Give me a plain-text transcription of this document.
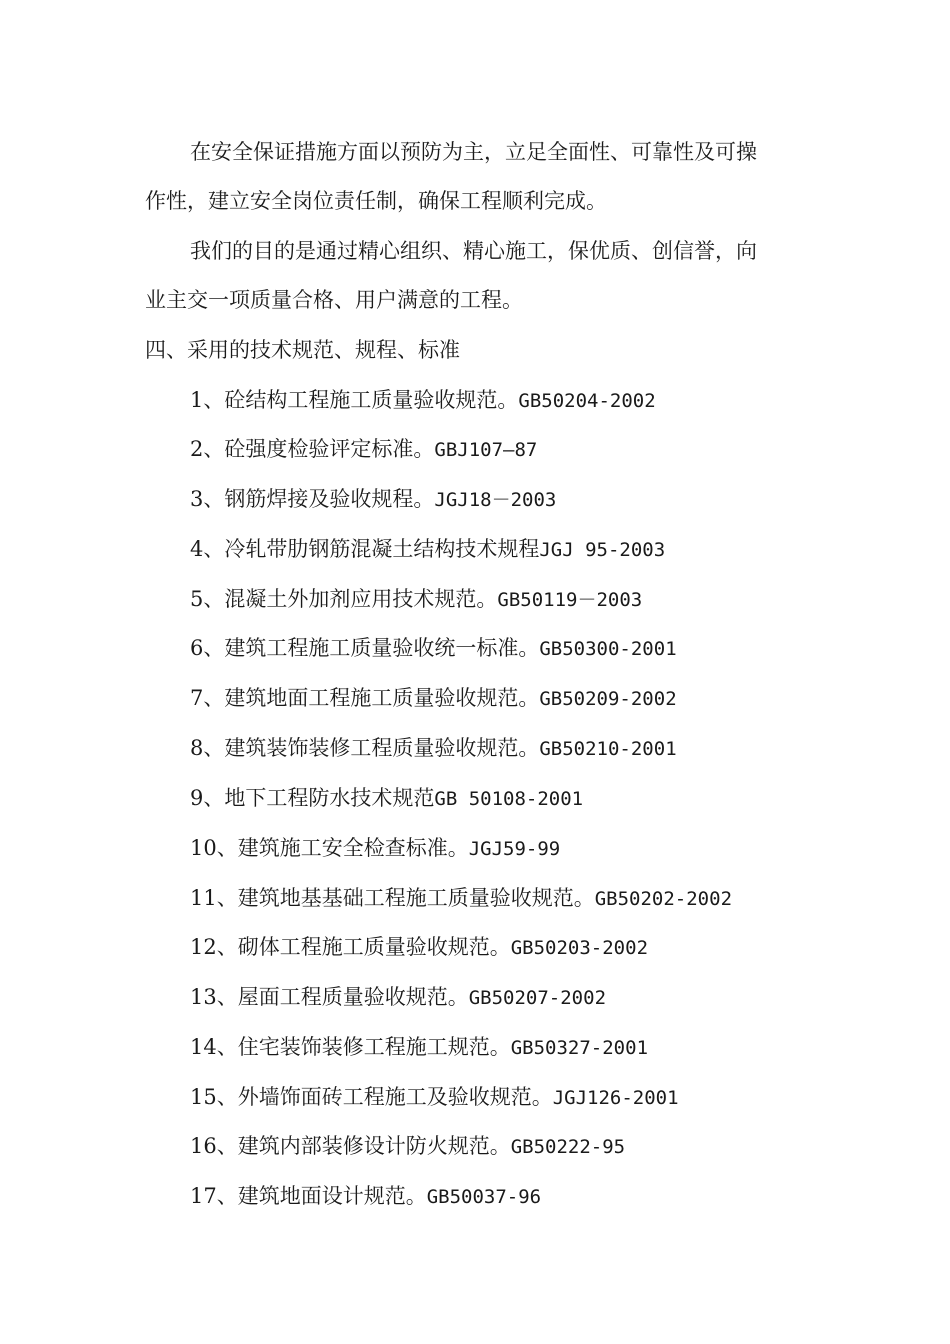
在安全保证措施方面以预防为主，立足全面性、可靠性及可操
作性，建立安全岗位责任制，确保工程顺利完成。
我们的目的是通过精心组织、精心施工，保优质、创信誉，向
业主交一项质量合格、用户满意的工程。
四、采用的技术规范、规程、标准
1、砼结构工程施工质量验收规范。GB50204-2002
2、砼强度检验评定标准。GBJ107—87
3、钢筋焊接及验收规程。JGJ18－2003
4、冷轧带肋钢筋混凝土结构技术规程JGJ 95-2003
5、混凝土外加剂应用技术规范。GB50119－2003
6、建筑工程施工质量验收统一标准。GB50300-2001
7、建筑地面工程施工质量验收规范。GB50209-2002
8、建筑装饰装修工程质量验收规范。GB50210-2001
9、地下工程防水技术规范GB 50108-2001
10、建筑施工安全检查标准。JGJ59-99
11、建筑地基基础工程施工质量验收规范。GB50202-2002
12、砌体工程施工质量验收规范。GB50203-2002
13、屋面工程质量验收规范。GB50207-2002
14、住宅装饰装修工程施工规范。GB50327-2001
15、外墙饰面砖工程施工及验收规范。JGJ126-2001
16、建筑内部装修设计防火规范。GB50222-95
17、建筑地面设计规范。GB50037-96
